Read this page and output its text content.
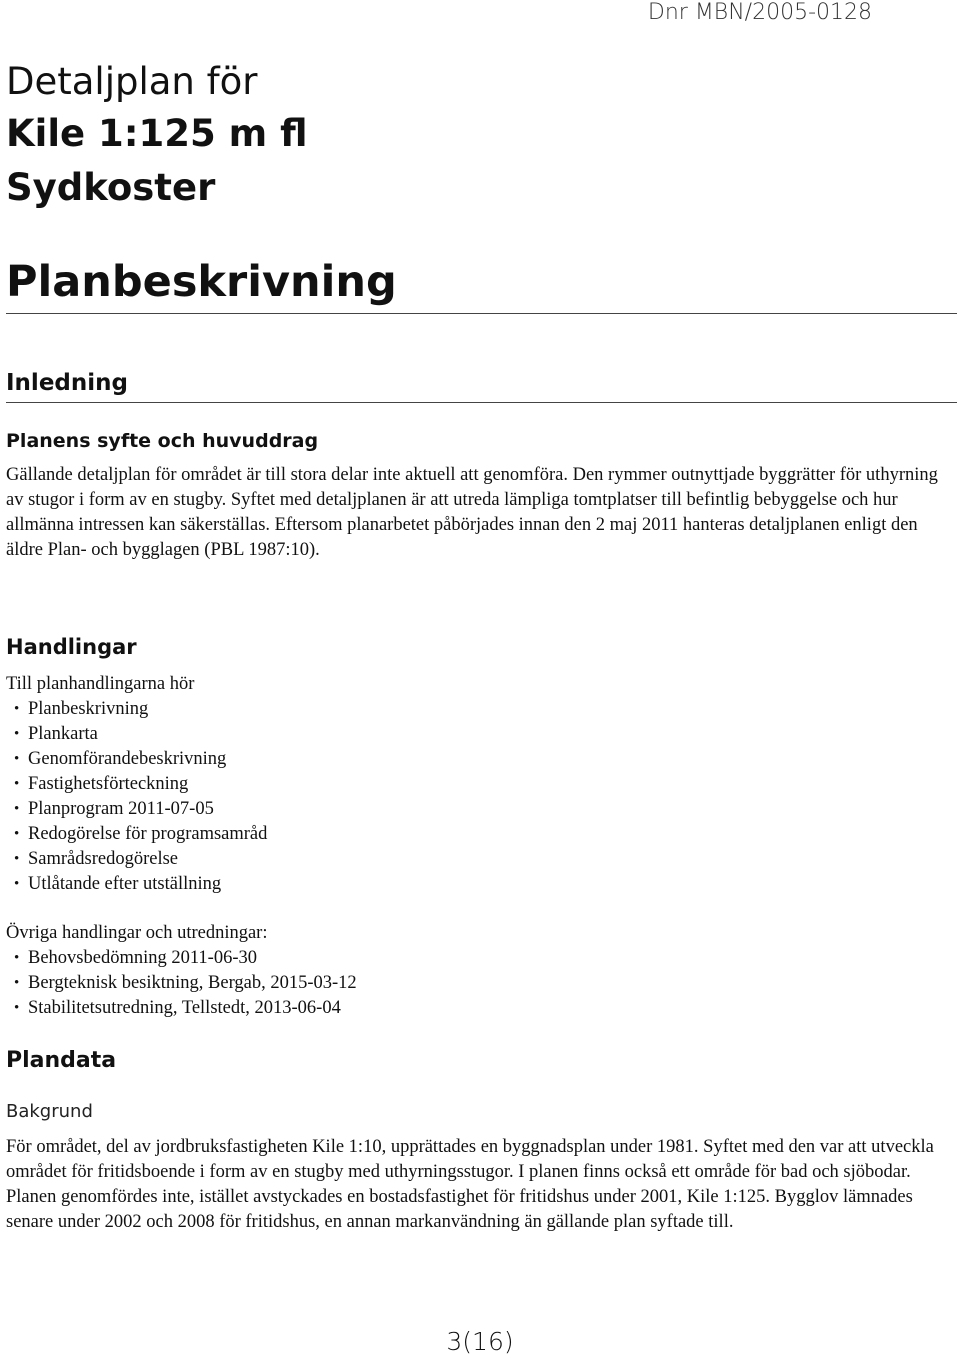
Dnr MBN/2005-0128
Detaljplan för
Kile 1:125 m fl
Sydkoster
Planbeskrivning
Inledning
Planens syfte och huvuddrag

Gällande detaljplan för området är till stora delar inte aktuell att genomföra. Den rymmer outnyttjade byggrätter för uthyrning av stugor i form av en stugby. Syftet med detaljplanen är att utreda lämpliga tomtplatser till befintlig bebyggelse och hur allmänna intressen kan säkerställas. Eftersom planarbetet påbörjades innan den 2 maj 2011 hanteras detaljplanen enligt den äldre Plan- och bygglagen (PBL 1987:10).

Handlingar
Till planhandlingarna hör
• Planbeskrivning
• Plankarta
• Genomförandebeskrivning
• Fastighetsförteckning
• Planprogram 2011-07-05
• Redogörelse för programsamråd
• Samrådsredogörelse
• Utlåtande efter utställning
Övriga handlingar och utredningar:
• Behovsbedömning 2011-06-30
• Bergteknisk besiktning, Bergab, 2015-03-12
• Stabilitetsutredning, Tellstedt, 2013-06-04
Plandata
Bakgrund

För området, del av jordbruksfastigheten Kile 1:10, upprättades en byggnadsplan under 1981. Syftet med den var att utveckla området för fritidsboende i form av en stugby med uthyrningsstugor. I planen finns också ett område för bad och sjöbodar. Planen genomfördes inte, istället avstyckades en bostadsfastighet för fritidshus under 2001, Kile 1:125. Bygglov lämnades senare under 2002 och 2008 för fritidshus, en annan markanvändning än gällande plan syftade till.

3(16)
